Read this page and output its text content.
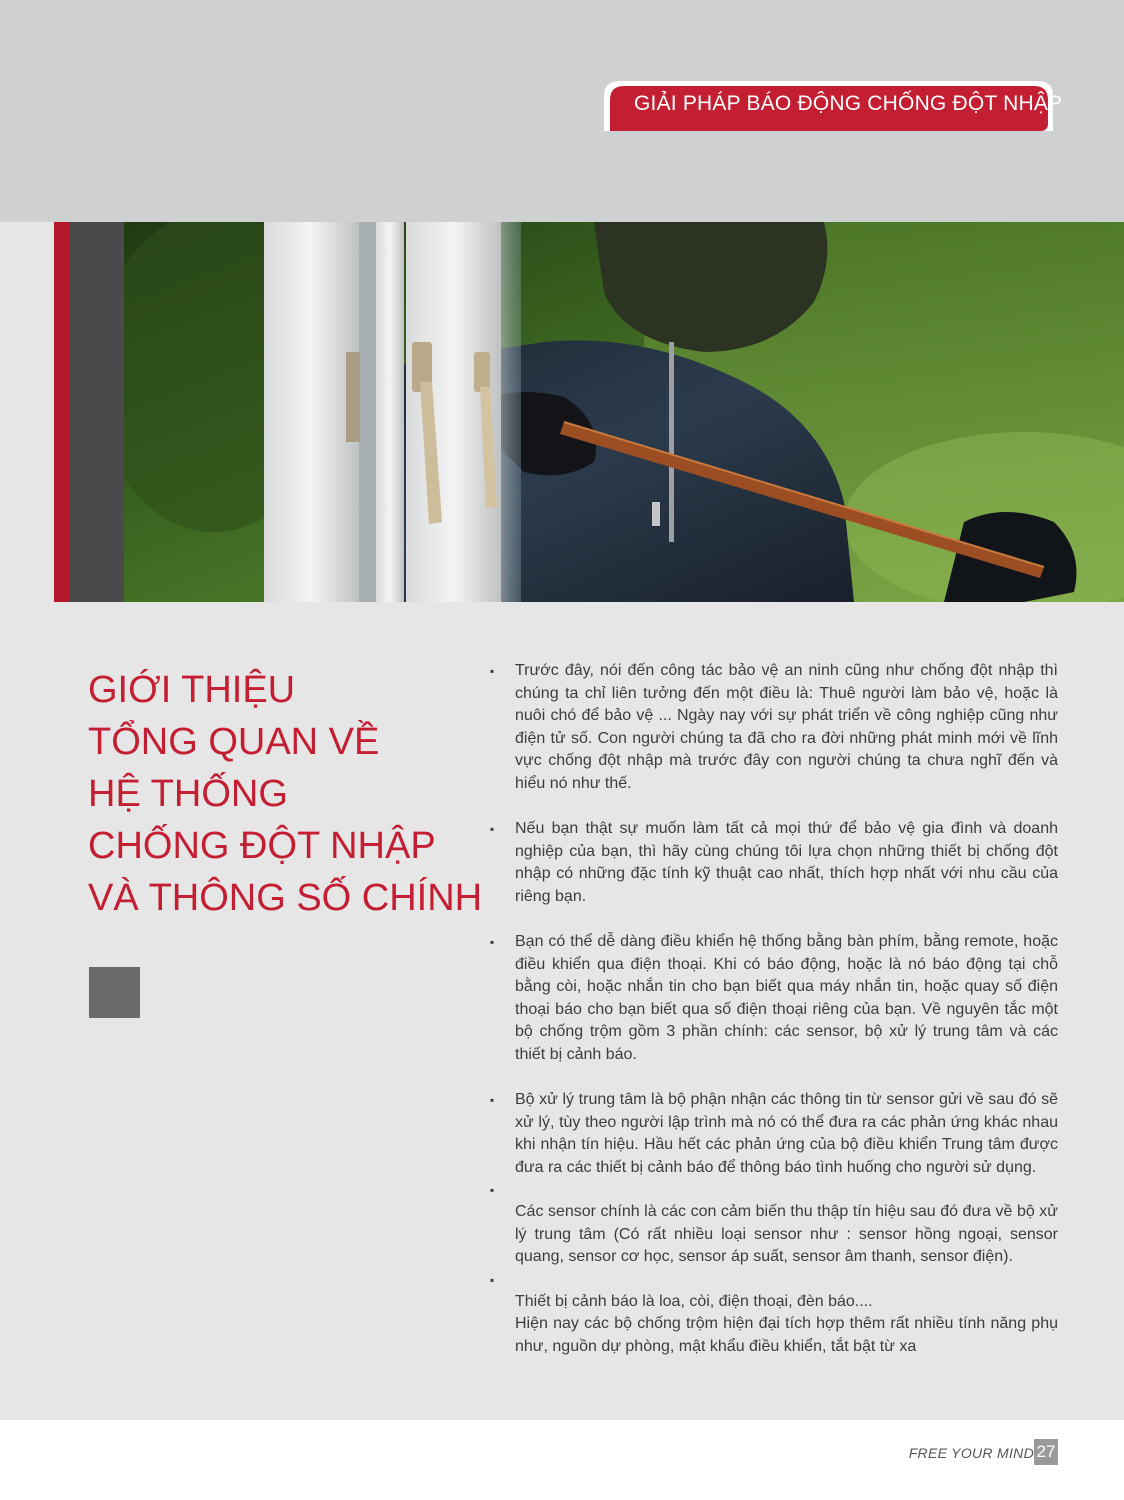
GIẢI PHÁP BÁO ĐỘNG CHỐNG ĐỘT NHẬP
GIỚI THIỆU
TỔNG QUAN VỀ
HỆ THỐNG
CHỐNG ĐỘT NHẬP
VÀ THÔNG SỐ CHÍNH
▪ Trước đây, nói đến công tác bảo vệ an ninh cũng như chống đột nhập thì chúng ta chỉ liên tưởng đến một điều là: Thuê người làm bảo vệ, hoặc là nuôi chó để bảo vệ ... Ngày nay với sự phát triển về công nghiệp cũng như điện tử số. Con người chúng ta đã cho ra đời những phát minh mới về lĩnh vực chống đột nhập mà trước đây con người chúng ta chưa nghĩ đến và hiểu nó như thế.
▪ Nếu bạn thật sự muốn làm tất cả mọi thứ để bảo vệ gia đình và doanh nghiệp của bạn, thì hãy cùng chúng tôi lựa chọn những thiết bị chống đột nhập có những đặc tính kỹ thuật cao nhất, thích hợp nhất với nhu cầu của riêng bạn.
▪ Bạn có thể dễ dàng điều khiển hệ thống bằng bàn phím, bằng remote, hoặc điều khiển qua điện thoại. Khi có báo động, hoặc là nó báo động tại chỗ bằng còi, hoặc nhắn tin cho bạn biết qua máy nhắn tin, hoặc quay số điện thoại báo cho bạn biết qua số điện thoại riêng của bạn. Về nguyên tắc một bộ chống trộm gồm 3 phần chính: các sensor, bộ xử lý trung tâm và các thiết bị cảnh báo.
▪ Bộ xử lý trung tâm là bộ phận nhận các thông tin từ sensor gửi về sau đó sẽ xử lý, tùy theo người lập trình mà nó có thể đưa ra các phản ứng khác nhau khi nhận tín hiệu. Hầu hết các phản ứng của bộ điều khiển Trung tâm được đưa ra các thiết bị cảnh báo để thông báo tình huống cho người sử dụng.
▪
▪
Các sensor chính là các con cảm biến thu thập tín hiệu sau đó đưa về bộ xử lý trung tâm (Có rất nhiều loại sensor như : sensor hồng ngoại, sensor quang, sensor cơ học, sensor áp suất, sensor âm thanh, sensor điện).
Thiết bị cảnh báo là loa, còi, điện thoại, đèn báo....
Hiện nay các bộ chống trộm hiện đại tích hợp thêm rất nhiều tính năng phụ như, nguồn dự phòng, mật khẩu điều khiển, tắt bật từ xa
FREE YOUR MIND 27
